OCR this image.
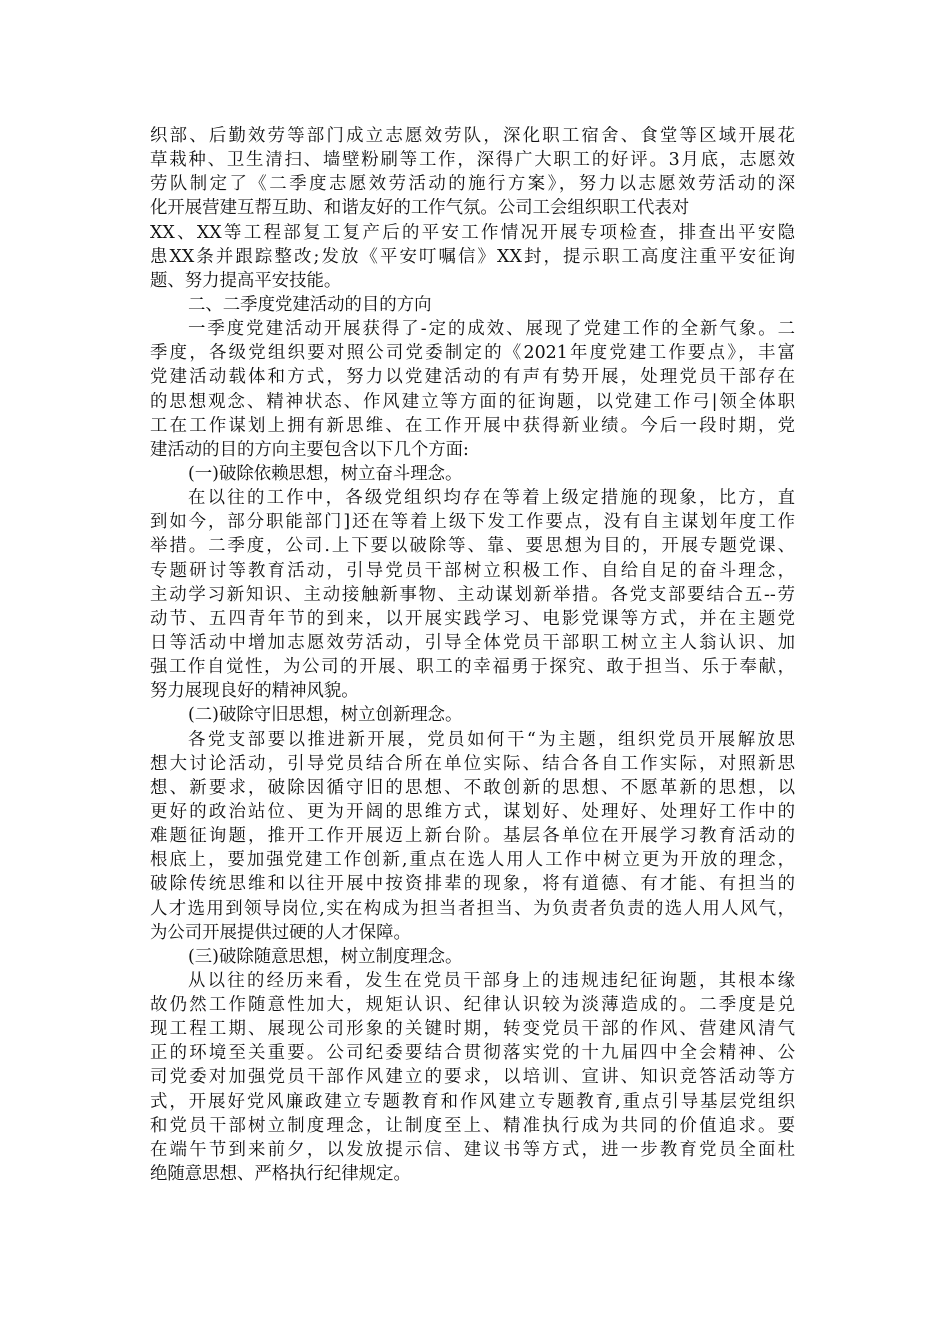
织部、后勤效劳等部门成立志愿效劳队，深化职工宿舍、食堂等区域开展花
草栽种、卫生清扫、墙壁粉刷等工作，深得广大职工的好评。3月底，志愿效
劳队制定了《二季度志愿效劳活动的施行方案》，努力以志愿效劳活动的深
化开展营建互帮互助、和谐友好的工作气氛。公司工会组织职工代表对
XX、XX等工程部复工复产后的平安工作情况开展专项检查，排查出平安隐
患XX条并跟踪整改;发放《平安叮嘱信》XX封，提示职工高度注重平安征询
题、努力提高平安技能。
二、二季度党建活动的目的方向
一季度党建活动开展获得了-定的成效、展现了党建工作的全新气象。二
季度，各级党组织要对照公司党委制定的《2021年度党建工作要点》，丰富
党建活动载体和方式，努力以党建活动的有声有势开展，处理党员干部存在
的思想观念、精神状态、作风建立等方面的征询题，以党建工作弓|领全体职
工在工作谋划上拥有新思维、在工作开展中获得新业绩。今后一段时期，党
建活动的目的方向主要包含以下几个方面:
(一)破除依赖思想，树立奋斗理念。
在以往的工作中，各级党组织均存在等着上级定措施的现象，比方，直
到如今，部分职能部门]还在等着上级下发工作要点，没有自主谋划年度工作
举措。二季度，公司.上下要以破除等、靠、要思想为目的，开展专题党课、
专题研讨等教育活动，引导党员干部树立积极工作、自给自足的奋斗理念，
主动学习新知识、主动接触新事物、主动谋划新举措。各党支部要结合五--劳
动节、五四青年节的到来，以开展实践学习、电影党课等方式，并在主题党
日等活动中增加志愿效劳活动，引导全体党员干部职工树立主人翁认识、加
强工作自觉性，为公司的开展、职工的幸福勇于探究、敢于担当、乐于奉献，
努力展现良好的精神风貌。
(二)破除守旧思想，树立创新理念。
各党支部要以推进新开展，党员如何干“为主题，组织党员开展解放思
想大讨论活动，引导党员结合所在单位实际、结合各自工作实际，对照新思
想、新要求，破除因循守旧的思想、不敢创新的思想、不愿革新的思想，以
更好的政治站位、更为开阔的思维方式，谋划好、处理好、处理好工作中的
难题征询题，推开工作开展迈上新台阶。基层各单位在开展学习教育活动的
根底上，要加强党建工作创新,重点在选人用人工作中树立更为开放的理念，
破除传统思维和以往开展中按资排辈的现象，将有道德、有才能、有担当的
人才选用到领导岗位,实在构成为担当者担当、为负责者负责的选人用人风气，
为公司开展提供过硬的人才保障。
(三)破除随意思想，树立制度理念。
从以往的经历来看，发生在党员干部身上的违规违纪征询题，其根本缘
故仍然工作随意性加大，规矩认识、纪律认识较为淡薄造成的。二季度是兑
现工程工期、展现公司形象的关键时期，转变党员干部的作风、营建风清气
正的环境至关重要。公司纪委要结合贯彻落实党的十九届四中全会精神、公
司党委对加强党员干部作风建立的要求，以培训、宣讲、知识竞答活动等方
式，开展好党风廉政建立专题教育和作风建立专题教育,重点引导基层党组织
和党员干部树立制度理念，让制度至上、精准执行成为共同的价值追求。要
在端午节到来前夕，以发放提示信、建议书等方式，进一步教育党员全面杜
绝随意思想、严格执行纪律规定。
